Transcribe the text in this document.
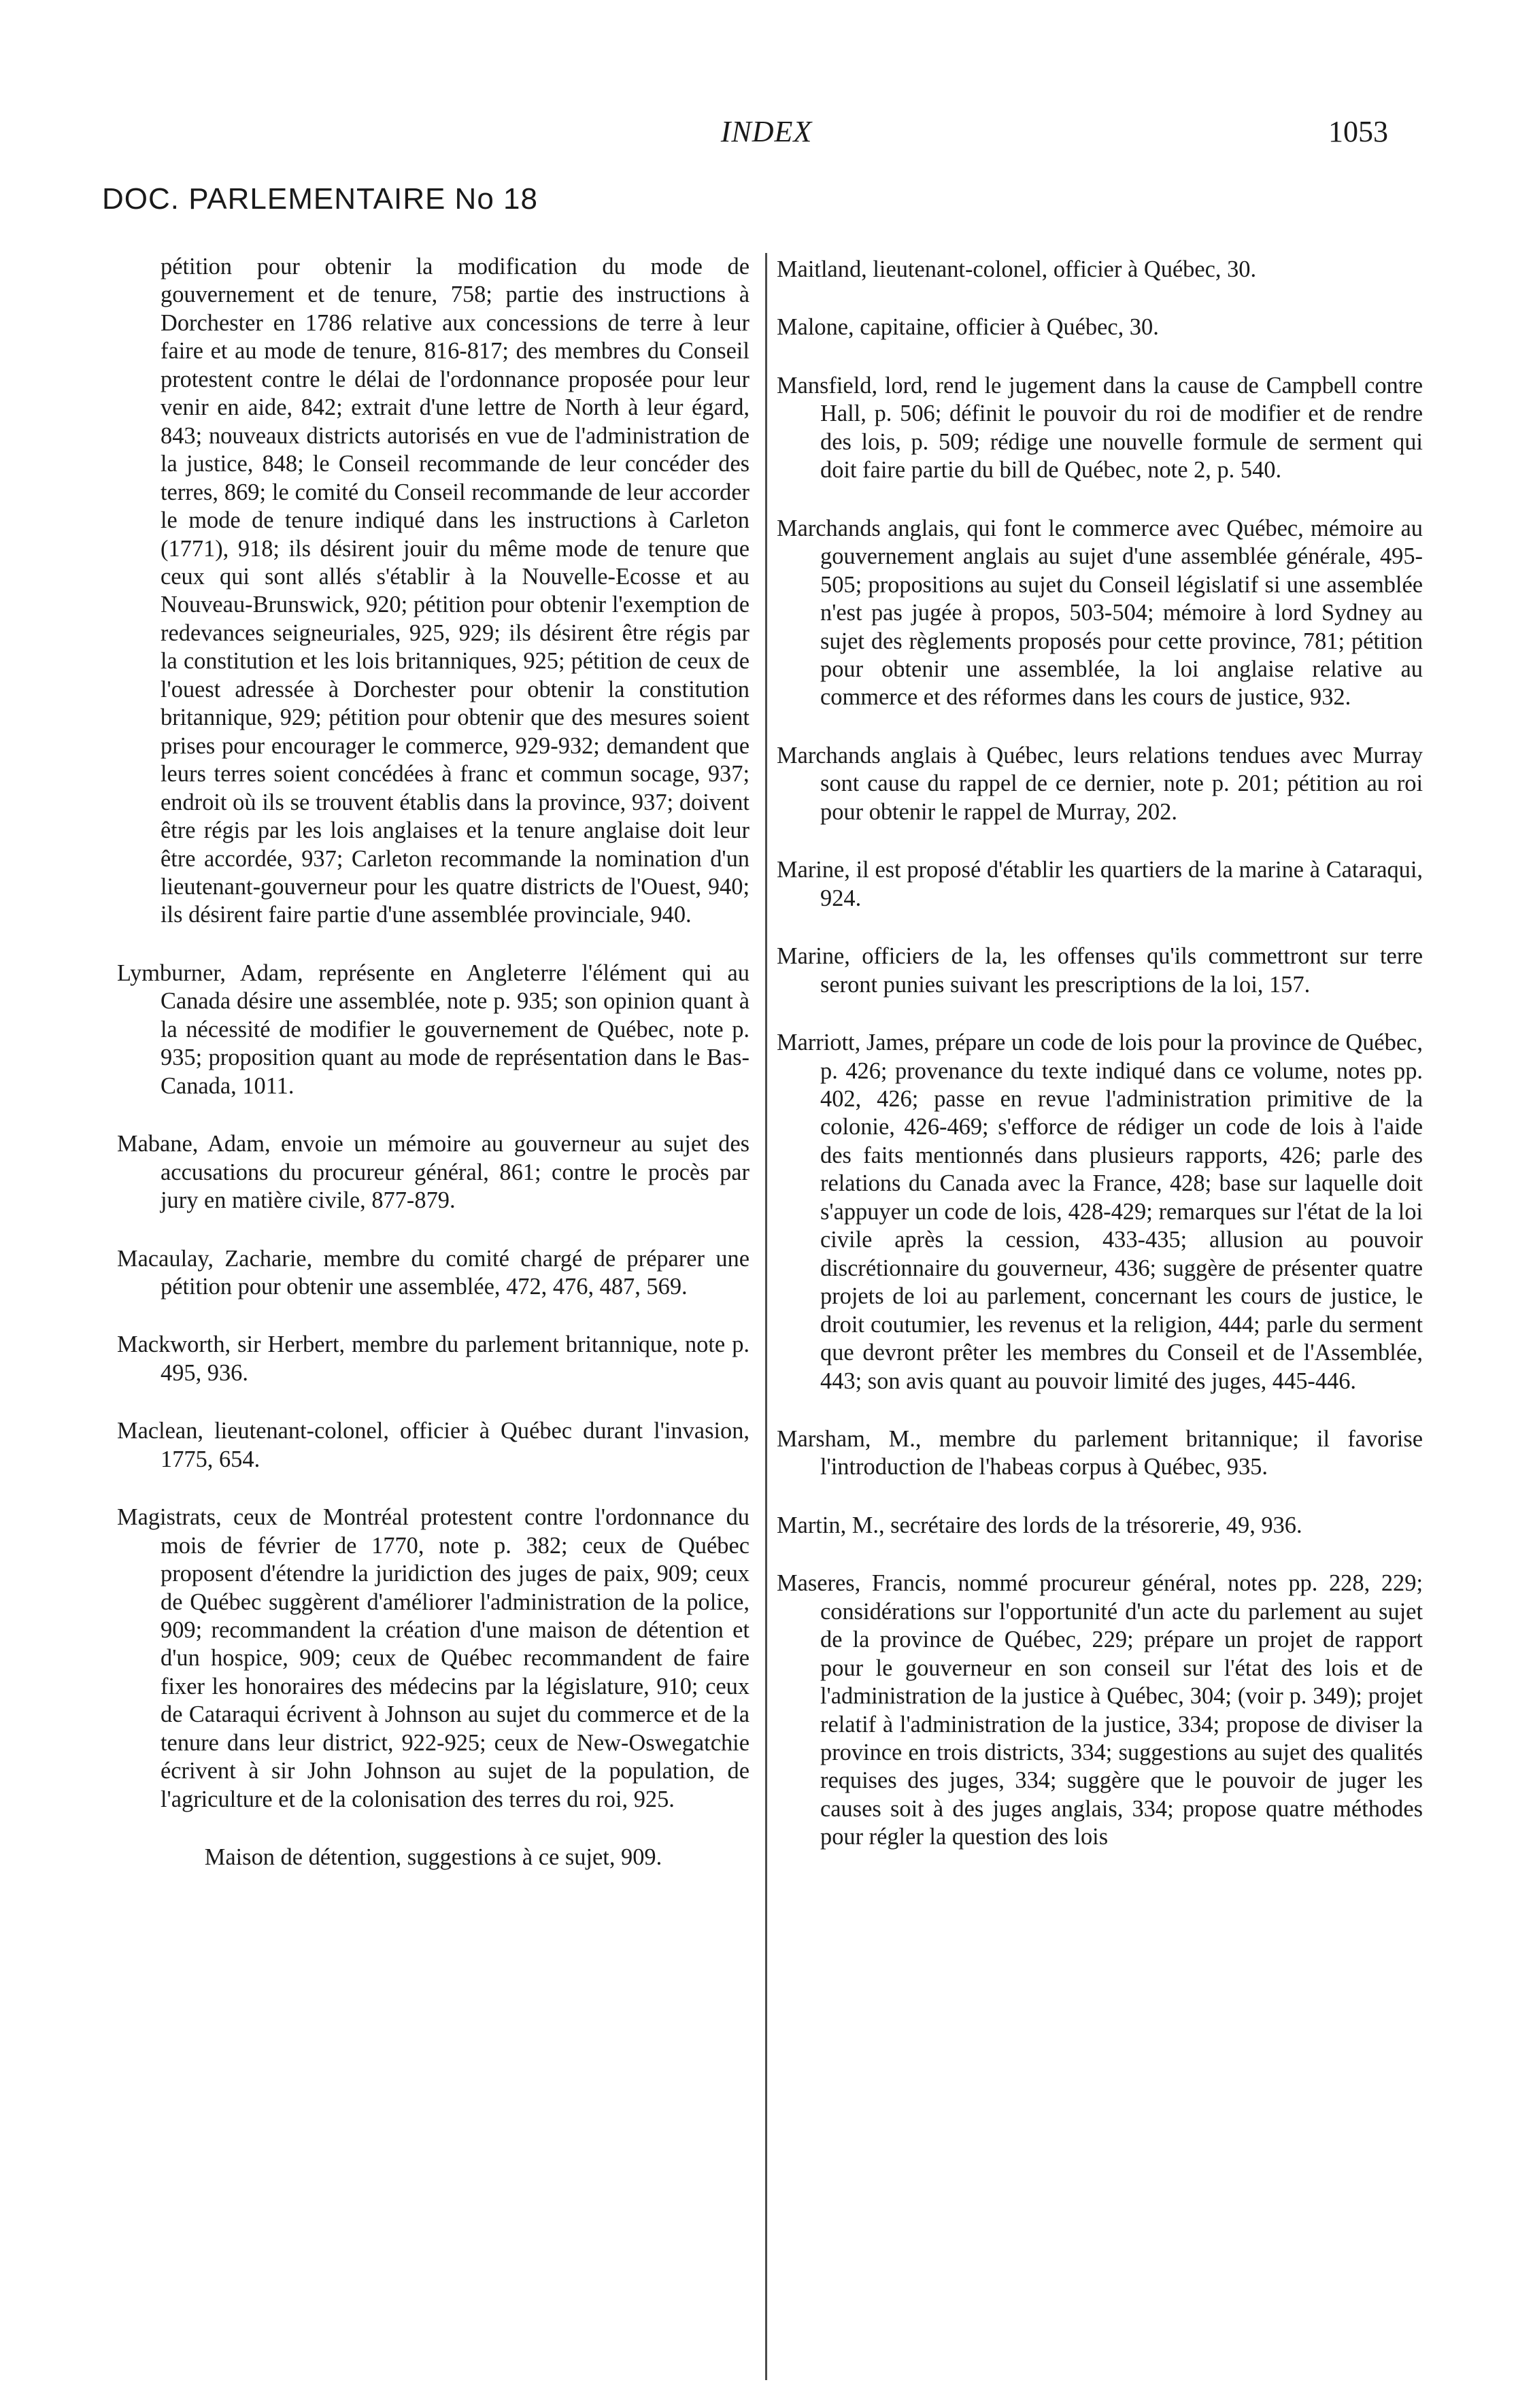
INDEX	1053
DOC. PARLEMENTAIRE No 18

pétition pour obtenir la modification du mode de gouvernement et de tenure, 758; partie des instructions à Dorchester en 1786 relative aux concessions de terre à leur faire et au mode de tenure, 816-817; des membres du Conseil protestent contre le délai de l'ordonnance proposée pour leur venir en aide, 842; extrait d'une lettre de North à leur égard, 843; nouveaux districts autorisés en vue de l'administration de la justice, 848; le Conseil recommande de leur concéder des terres, 869; le comité du Conseil recommande de leur accorder le mode de tenure indiqué dans les instructions à Carleton (1771), 918; ils désirent jouir du même mode de tenure que ceux qui sont allés s'établir à la Nouvelle-Ecosse et au Nouveau-Brunswick, 920; pétition pour obtenir l'exemption de redevances seigneuriales, 925, 929; ils désirent être régis par la constitution et les lois britanniques, 925; pétition de ceux de l'ouest adressée à Dorchester pour obtenir la constitution britannique, 929; pétition pour obtenir que des mesures soient prises pour encourager le commerce, 929-932; demandent que leurs terres soient concédées à franc et commun socage, 937; endroit où ils se trouvent établis dans la province, 937; doivent être régis par les lois anglaises et la tenure anglaise doit leur être accordée, 937; Carleton recommande la nomination d'un lieutenant-gouverneur pour les quatre districts de l'Ouest, 940; ils désirent faire partie d'une assemblée provinciale, 940.

Lymburner, Adam, représente en Angleterre l'élément qui au Canada désire une assemblée, note p. 935; son opinion quant à la nécessité de modifier le gouvernement de Québec, note p. 935; proposition quant au mode de représentation dans le Bas-Canada, 1011.

Mabane, Adam, envoie un mémoire au gouverneur au sujet des accusations du procureur général, 861; contre le procès par jury en matière civile, 877-879.

Macaulay, Zacharie, membre du comité chargé de préparer une pétition pour obtenir une assemblée, 472, 476, 487, 569.

Mackworth, sir Herbert, membre du parlement britannique, note p. 495, 936.

Maclean, lieutenant-colonel, officier à Québec durant l'invasion, 1775, 654.

Magistrats, ceux de Montréal protestent contre l'ordonnance du mois de février de 1770, note p. 382; ceux de Québec proposent d'étendre la juridiction des juges de paix, 909; ceux de Québec suggèrent d'améliorer l'administration de la police, 909; recommandent la création d'une maison de détention et d'un hospice, 909; ceux de Québec recommandent de faire fixer les honoraires des médecins par la législature, 910; ceux de Cataraqui écrivent à Johnson au sujet du commerce et de la tenure dans leur district, 922-925; ceux de New-Oswegatchie écrivent à sir John Johnson au sujet de la population, de l'agriculture et de la colonisation des terres du roi, 925.

Maison de détention, suggestions à ce sujet, 909.

Maitland, lieutenant-colonel, officier à Québec, 30.

Malone, capitaine, officier à Québec, 30.

Mansfield, lord, rend le jugement dans la cause de Campbell contre Hall, p. 506; définit le pouvoir du roi de modifier et de rendre des lois, p. 509; rédige une nouvelle formule de serment qui doit faire partie du bill de Québec, note 2, p. 540.

Marchands anglais, qui font le commerce avec Québec, mémoire au gouvernement anglais au sujet d'une assemblée générale, 495-505; propositions au sujet du Conseil législatif si une assemblée n'est pas jugée à propos, 503-504; mémoire à lord Sydney au sujet des règlements proposés pour cette province, 781; pétition pour obtenir une assemblée, la loi anglaise relative au commerce et des réformes dans les cours de justice, 932.

Marchands anglais à Québec, leurs relations tendues avec Murray sont cause du rappel de ce dernier, note p. 201; pétition au roi pour obtenir le rappel de Murray, 202.

Marine, il est proposé d'établir les quartiers de la marine à Cataraqui, 924.

Marine, officiers de la, les offenses qu'ils commettront sur terre seront punies suivant les prescriptions de la loi, 157.

Marriott, James, prépare un code de lois pour la province de Québec, p. 426; provenance du texte indiqué dans ce volume, notes pp. 402, 426; passe en revue l'administration primitive de la colonie, 426-469; s'efforce de rédiger un code de lois à l'aide des faits mentionnés dans plusieurs rapports, 426; parle des relations du Canada avec la France, 428; base sur laquelle doit s'appuyer un code de lois, 428-429; remarques sur l'état de la loi civile après la cession, 433-435; allusion au pouvoir discrétionnaire du gouverneur, 436; suggère de présenter quatre projets de loi au parlement, concernant les cours de justice, le droit coutumier, les revenus et la religion, 444; parle du serment que devront prêter les membres du Conseil et de l'Assemblée, 443; son avis quant au pouvoir limité des juges, 445-446.

Marsham, M., membre du parlement britannique; il favorise l'introduction de l'habeas corpus à Québec, 935.

Martin, M., secrétaire des lords de la trésorerie, 49, 936.

Maseres, Francis, nommé procureur général, notes pp. 228, 229; considérations sur l'opportunité d'un acte du parlement au sujet de la province de Québec, 229; prépare un projet de rapport pour le gouverneur en son conseil sur l'état des lois et de l'administration de la justice à Québec, 304; (voir p. 349); projet relatif à l'administration de la justice, 334; propose de diviser la province en trois districts, 334; suggestions au sujet des qualités requises des juges, 334; suggère que le pouvoir de juger les causes soit à des juges anglais, 334; propose quatre méthodes pour régler la question des lois
